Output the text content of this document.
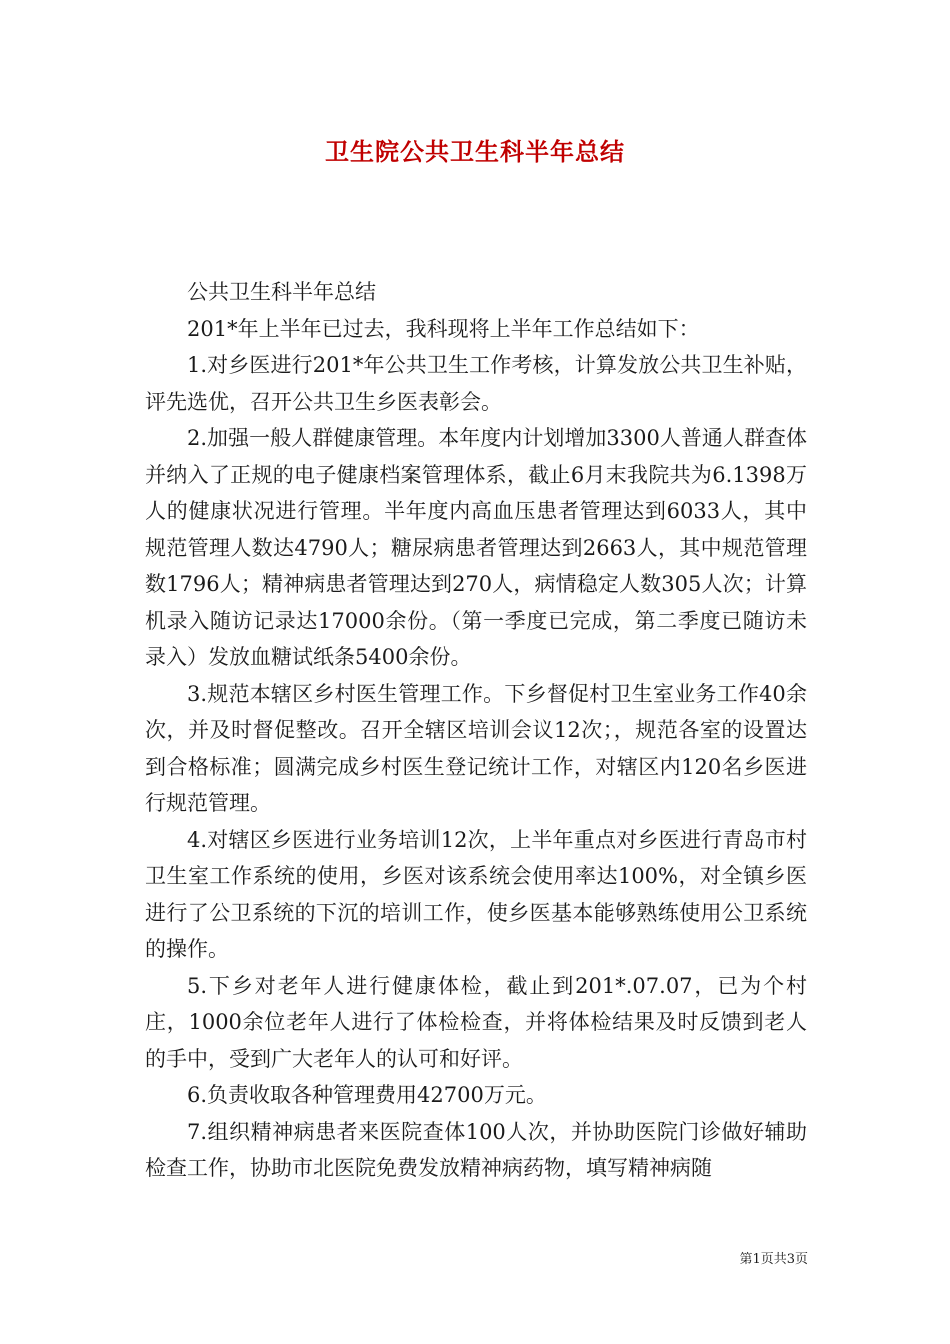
卫生院公共卫生科半年总结

公共卫生科半年总结

201*年上半年已过去，我科现将上半年工作总结如下：

1.对乡医进行201*年公共卫生工作考核，计算发放公共卫生补贴，评先选优，召开公共卫生乡医表彰会。

2.加强一般人群健康管理。本年度内计划增加3300人普通人群查体并纳入了正规的电子健康档案管理体系，截止6月末我院共为6.1398万人的健康状况进行管理。半年度内高血压患者管理达到6033人，其中规范管理人数达4790人；糖尿病患者管理达到2663人，其中规范管理数1796人；精神病患者管理达到270人，病情稳定人数305人次；计算机录入随访记录达17000余份。（第一季度已完成，第二季度已随访未录入）发放血糖试纸条5400余份。

3.规范本辖区乡村医生管理工作。下乡督促村卫生室业务工作40余次，并及时督促整改。召开全辖区培训会议12次；，规范各室的设置达到合格标准；圆满完成乡村医生登记统计工作，对辖区内120名乡医进行规范管理。

4.对辖区乡医进行业务培训12次，上半年重点对乡医进行青岛市村卫生室工作系统的使用，乡医对该系统会使用率达100%，对全镇乡医进行了公卫系统的下沉的培训工作，使乡医基本能够熟练使用公卫系统的操作。

5.下乡对老年人进行健康体检，截止到201*.07.07，已为个村庄，1000余位老年人进行了体检检查，并将体检结果及时反馈到老人的手中，受到广大老年人的认可和好评。

6.负责收取各种管理费用42700万元。

7.组织精神病患者来医院查体100人次，并协助医院门诊做好辅助检查工作，协助市北医院免费发放精神病药物，填写精神病随

第1页共3页
